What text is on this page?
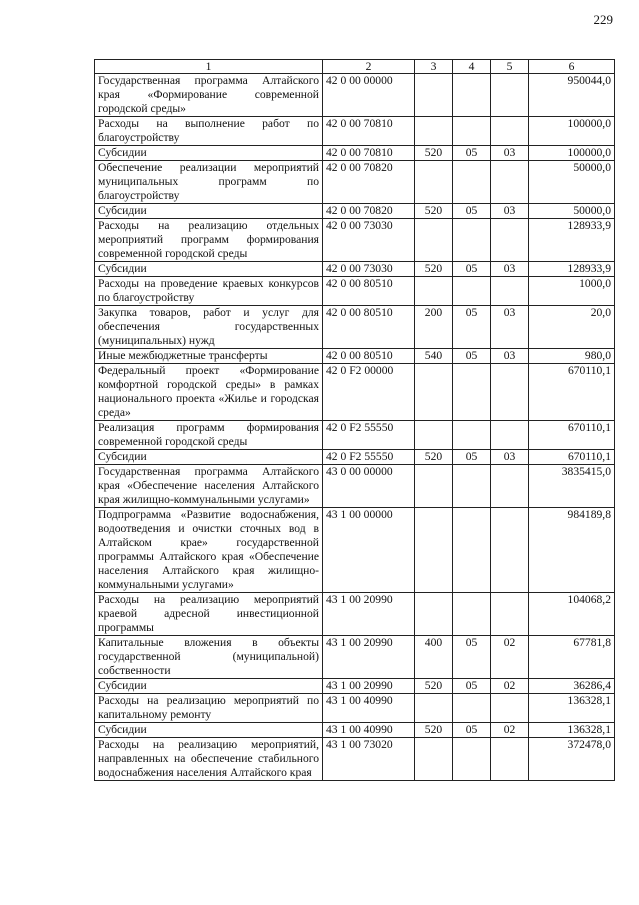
229
1	2	3	4	5	6
Государственная программа Алтайского края «Формирование современной городской среды»	42 0 00 00000				950044,0
Расходы на выполнение работ по благоустройству	42 0 00 70810				100000,0
Субсидии	42 0 00 70810	520	05	03	100000,0
Обеспечение реализации мероприятий муниципальных программ по благоустройству	42 0 00 70820				50000,0
Субсидии	42 0 00 70820	520	05	03	50000,0
Расходы на реализацию отдельных мероприятий программ формирования современной городской среды	42 0 00 73030				128933,9
Субсидии	42 0 00 73030	520	05	03	128933,9
Расходы на проведение краевых конкурсов по благоустройству	42 0 00 80510				1000,0
Закупка товаров, работ и услуг для обеспечения государственных (муниципальных) нужд	42 0 00 80510	200	05	03	20,0
Иные межбюджетные трансферты	42 0 00 80510	540	05	03	980,0
Федеральный проект «Формирование комфортной городской среды» в рамках национального проекта «Жилье и городская среда»	42 0 F2 00000				670110,1
Реализация программ формирования современной городской среды	42 0 F2 55550				670110,1
Субсидии	42 0 F2 55550	520	05	03	670110,1
Государственная программа Алтайского края «Обеспечение населения Алтайского края жилищно-коммунальными услугами»	43 0 00 00000				3835415,0
Подпрограмма «Развитие водоснабжения, водоотведения и очистки сточных вод в Алтайском крае» государственной программы Алтайского края «Обеспечение населения Алтайского края жилищно-коммунальными услугами»	43 1 00 00000				984189,8
Расходы на реализацию мероприятий краевой адресной инвестиционной программы	43 1 00 20990				104068,2
Капитальные вложения в объекты государственной (муниципальной) собственности	43 1 00 20990	400	05	02	67781,8
Субсидии	43 1 00 20990	520	05	02	36286,4
Расходы на реализацию мероприятий по капитальному ремонту	43 1 00 40990				136328,1
Субсидии	43 1 00 40990	520	05	02	136328,1
Расходы на реализацию мероприятий, направленных на обеспечение стабильного водоснабжения населения Алтайского края	43 1 00 73020				372478,0
